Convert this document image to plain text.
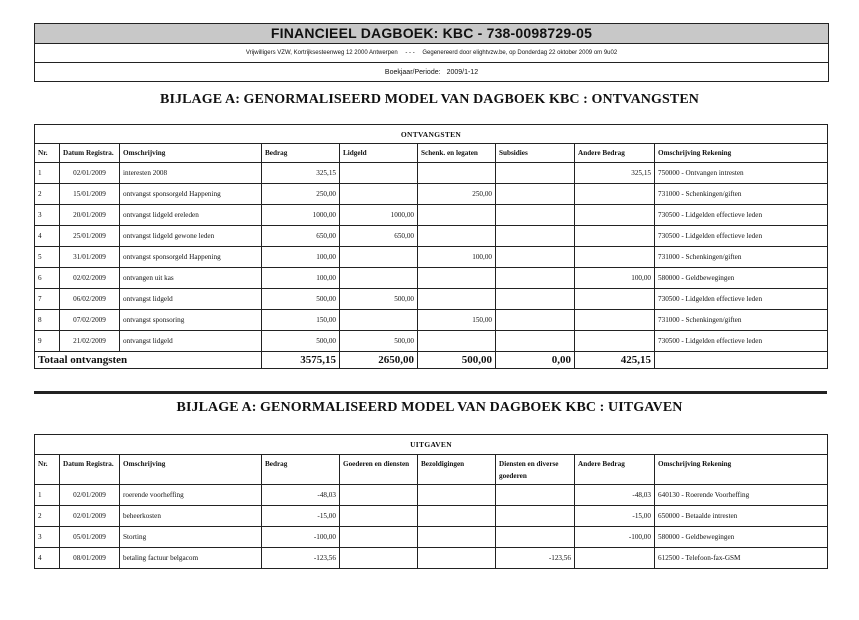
FINANCIEEL DAGBOEK: KBC - 738-0098729-05
Vrijwilligers VZW, Kortrijksesteenweg 12 2000 Antwerpen - - - Gegenereerd door elightvzw.be, op Donderdag 22 oktober 2009 om 9u02
Boekjaar/Periode: 2009/1-12
BIJLAGE A: GENORMALISEERD MODEL VAN DAGBOEK KBC : ONTVANGSTEN
ONTVANGSTEN								
Nr.	Datum Registra.	Omschrijving	Bedrag	Lidgeld	Schenk. en legaten	Subsidies	Andere Bedrag	Omschrijving Rekening
1	02/01/2009	interesten 2008	325,15				325,15	750000 - Ontvangen intresten
2	15/01/2009	ontvangst sponsorgeld Happening	250,00		250,00			731000 - Schenkingen/giften
3	20/01/2009	ontvangst lidgeld ereleden	1000,00	1000,00				730500 - Lidgelden effectieve leden
4	25/01/2009	ontvangst lidgeld gewone leden	650,00	650,00				730500 - Lidgelden effectieve leden
5	31/01/2009	ontvangst sponsorgeld Happening	100,00		100,00			731000 - Schenkingen/giften
6	02/02/2009	ontvangen uit kas	100,00				100,00	580000 - Geldbewegingen
7	06/02/2009	ontvangst lidgeld	500,00	500,00				730500 - Lidgelden effectieve leden
8	07/02/2009	ontvangst sponsoring	150,00		150,00			731000 - Schenkingen/giften
9	21/02/2009	ontvangst lidgeld	500,00	500,00				730500 - Lidgelden effectieve leden
Totaal ontvangsten			3575,15	2650,00	500,00	0,00	425,15	
BIJLAGE A: GENORMALISEERD MODEL VAN DAGBOEK KBC : UITGAVEN
UITGAVEN								
Nr.	Datum Registra.	Omschrijving	Bedrag	Goederen en diensten	Bezoldigingen	Diensten en diverse goederen	Andere Bedrag	Omschrijving Rekening
1	02/01/2009	roerende voorheffing	-48,03				-48,03	640130 - Roerende Voorheffing
2	02/01/2009	beheerkosten	-15,00				-15,00	650000 - Betaalde intresten
3	05/01/2009	Storting	-100,00				-100,00	580000 - Geldbewegingen
4	08/01/2009	betaling factuur belgacom	-123,56			-123,56		612500 - Telefoon-fax-GSM
